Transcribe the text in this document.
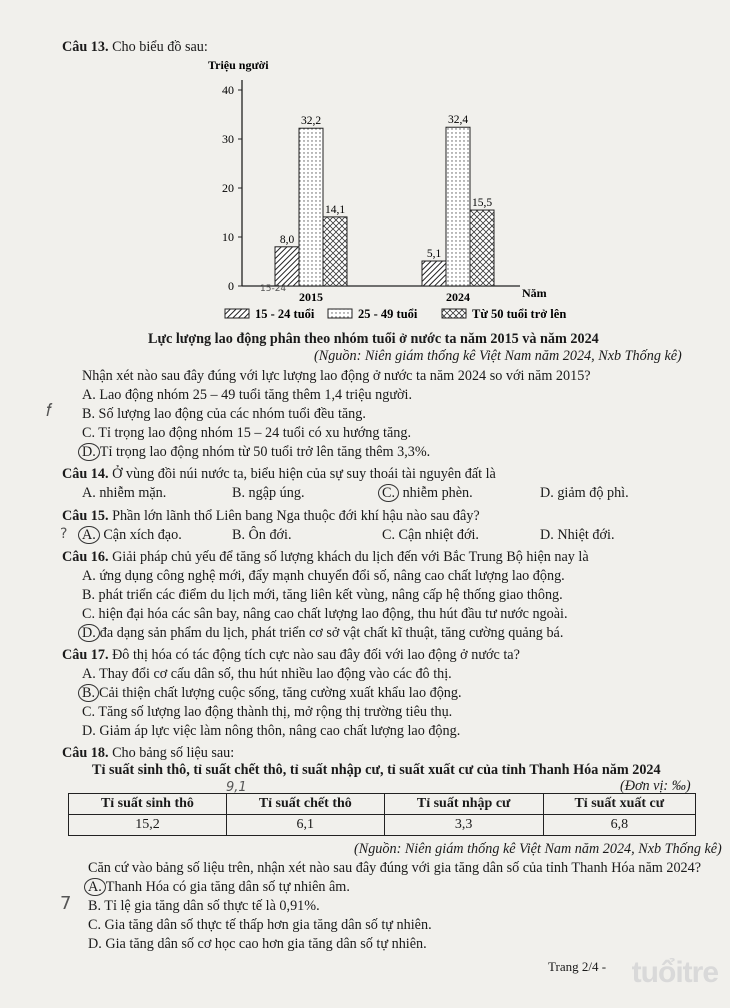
Câu 13. Cho biểu đồ sau:
Triệu người
0
10
20
30
40
Năm
8,0
32,2
14,1
2015
5,1
32,4
15,5
2024
15 - 24 tuổi	25 - 49 tuổi	Từ 50 tuổi trở lên
Lực lượng lao động phân theo nhóm tuổi ở nước ta năm 2015 và năm 2024
(Nguồn: Niên giám thống kê Việt Nam năm 2024, Nxb Thống kê)
Nhận xét nào sau đây đúng với lực lượng lao động ở nước ta năm 2024 so với năm 2015?
A. Lao động nhóm 25 – 49 tuổi tăng thêm 1,4 triệu người.
B. Số lượng lao động của các nhóm tuổi đều tăng.
C. Tỉ trọng lao động nhóm 15 – 24 tuổi có xu hướng tăng.
D. Tỉ trọng lao động nhóm từ 50 tuổi trở lên tăng thêm 3,3%.
Câu 14. Ở vùng đồi núi nước ta, biểu hiện của sự suy thoái tài nguyên đất là
A. nhiễm mặn.	B. ngập úng.	C. nhiễm phèn.	D. giảm độ phì.
Câu 15. Phần lớn lãnh thổ Liên bang Nga thuộc đới khí hậu nào sau đây?
A. Cận xích đạo.	B. Ôn đới.	C. Cận nhiệt đới.	D. Nhiệt đới.
Câu 16. Giải pháp chủ yếu để tăng số lượng khách du lịch đến với Bắc Trung Bộ hiện nay là
A. ứng dụng công nghệ mới, đẩy mạnh chuyển đổi số, nâng cao chất lượng lao động.
B. phát triển các điểm du lịch mới, tăng liên kết vùng, nâng cấp hệ thống giao thông.
C. hiện đại hóa các sân bay, nâng cao chất lượng lao động, thu hút đầu tư nước ngoài.
D. đa dạng sản phẩm du lịch, phát triển cơ sở vật chất kĩ thuật, tăng cường quảng bá.
Câu 17. Đô thị hóa có tác động tích cực nào sau đây đối với lao động ở nước ta?
A. Thay đổi cơ cấu dân số, thu hút nhiều lao động vào các đô thị.
B. Cải thiện chất lượng cuộc sống, tăng cường xuất khẩu lao động.
C. Tăng số lượng lao động thành thị, mở rộng thị trường tiêu thụ.
D. Giảm áp lực việc làm nông thôn, nâng cao chất lượng lao động.
Câu 18. Cho bảng số liệu sau:
Tỉ suất sinh thô, tỉ suất chết thô, tỉ suất nhập cư, tỉ suất xuất cư của tỉnh Thanh Hóa năm 2024
(Đơn vị: ‰)
Tỉ suất sinh thô	Tỉ suất chết thô	Tỉ suất nhập cư	Tỉ suất xuất cư
15,2	6,1	3,3	6,8
(Nguồn: Niên giám thống kê Việt Nam năm 2024, Nxb Thống kê)
Căn cứ vào bảng số liệu trên, nhận xét nào sau đây đúng với gia tăng dân số của tỉnh Thanh Hóa năm 2024?
A. Thanh Hóa có gia tăng dân số tự nhiên âm.
B. Tỉ lệ gia tăng dân số thực tế là 0,91%.
C. Gia tăng dân số thực tế thấp hơn gia tăng dân số tự nhiên.
D. Gia tăng dân số cơ học cao hơn gia tăng dân số tự nhiên.
𝑓
?
7
9,1
15-24
Trang 2/4 - tuổitre
